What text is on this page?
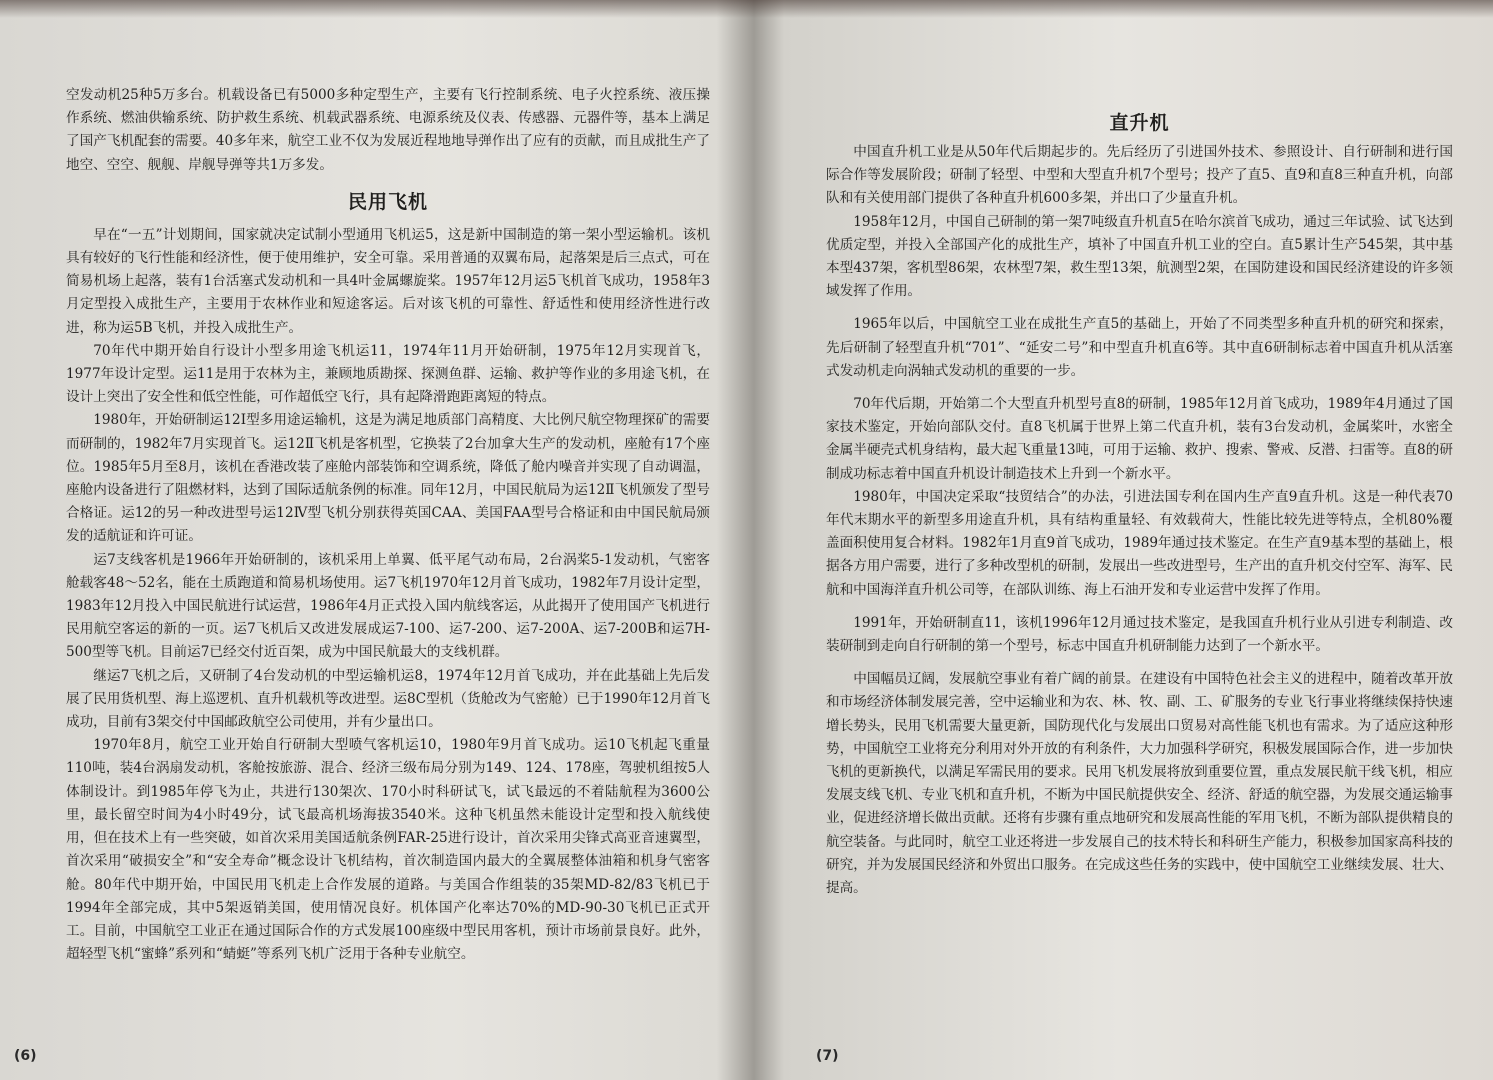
空发动机25种5万多台。机载设备已有5000多种定型生产，主要有飞行控制系统、电子火控系统、液压操作系统、燃油供输系统、防护救生系统、机载武器系统、电源系统及仪表、传感器、元器件等，基本上满足了国产飞机配套的需要。40多年来，航空工业不仅为发展近程地地导弹作出了应有的贡献，而且成批生产了地空、空空、舰舰、岸舰导弹等共1万多发。

民用飞机

早在“一五”计划期间，国家就决定试制小型通用飞机运5，这是新中国制造的第一架小型运输机。该机具有较好的飞行性能和经济性，便于使用维护，安全可靠。采用普通的双翼布局，起落架是后三点式，可在简易机场上起落，装有1台活塞式发动机和一具4叶金属螺旋桨。1957年12月运5飞机首飞成功，1958年3月定型投入成批生产，主要用于农林作业和短途客运。后对该飞机的可靠性、舒适性和使用经济性进行改进，称为运5B飞机，并投入成批生产。

70年代中期开始自行设计小型多用途飞机运11，1974年11月开始研制，1975年12月实现首飞，1977年设计定型。运11是用于农林为主，兼顾地质勘探、探测鱼群、运输、救护等作业的多用途飞机，在设计上突出了安全性和低空性能，可作超低空飞行，具有起降滑跑距离短的特点。

1980年，开始研制运12Ⅰ型多用途运输机，这是为满足地质部门高精度、大比例尺航空物理探矿的需要而研制的，1982年7月实现首飞。运12Ⅱ飞机是客机型，它换装了2台加拿大生产的发动机，座舱有17个座位。1985年5月至8月，该机在香港改装了座舱内部装饰和空调系统，降低了舱内噪音并实现了自动调温，座舱内设备进行了阻燃材料，达到了国际适航条例的标准。同年12月，中国民航局为运12Ⅱ飞机颁发了型号合格证。运12的另一种改进型号运12Ⅳ型飞机分别获得英国CAA、美国FAA型号合格证和由中国民航局颁发的适航证和许可证。

运7支线客机是1966年开始研制的，该机采用上单翼、低平尾气动布局，2台涡桨5-1发动机，气密客舱载客48～52名，能在土质跑道和简易机场使用。运7飞机1970年12月首飞成功，1982年7月设计定型，1983年12月投入中国民航进行试运营，1986年4月正式投入国内航线客运，从此揭开了使用国产飞机进行民用航空客运的新的一页。运7飞机后又改进发展成运7-100、运7-200、运7-200A、运7-200B和运7H-500型等飞机。目前运7已经交付近百架，成为中国民航最大的支线机群。

继运7飞机之后，又研制了4台发动机的中型运输机运8，1974年12月首飞成功，并在此基础上先后发展了民用货机型、海上巡逻机、直升机载机等改进型。运8C型机（货舱改为气密舱）已于1990年12月首飞成功，目前有3架交付中国邮政航空公司使用，并有少量出口。

1970年8月，航空工业开始自行研制大型喷气客机运10，1980年9月首飞成功。运10飞机起飞重量110吨，装4台涡扇发动机，客舱按旅游、混合、经济三级布局分别为149、124、178座，驾驶机组按5人体制设计。到1985年停飞为止，共进行130架次、170小时科研试飞，试飞最远的不着陆航程为3600公里，最长留空时间为4小时49分，试飞最高机场海拔3540米。这种飞机虽然未能设计定型和投入航线使用，但在技术上有一些突破，如首次采用美国适航条例FAR-25进行设计，首次采用尖锋式高亚音速翼型，首次采用“破损安全”和“安全寿命”概念设计飞机结构，首次制造国内最大的全翼展整体油箱和机身气密客舱。80年代中期开始，中国民用飞机走上合作发展的道路。与美国合作组装的35架MD-82/83飞机已于1994年全部完成，其中5架返销美国，使用情况良好。机体国产化率达70%的MD-90-30飞机已正式开工。目前，中国航空工业正在通过国际合作的方式发展100座级中型民用客机，预计市场前景良好。此外，超轻型飞机“蜜蜂”系列和“蜻蜓”等系列飞机广泛用于各种专业航空。

(6)
直升机

中国直升机工业是从50年代后期起步的。先后经历了引进国外技术、参照设计、自行研制和进行国际合作等发展阶段；研制了轻型、中型和大型直升机7个型号；投产了直5、直9和直8三种直升机，向部队和有关使用部门提供了各种直升机600多架，并出口了少量直升机。

1958年12月，中国自己研制的第一架7吨级直升机直5在哈尔滨首飞成功，通过三年试验、试飞达到优质定型，并投入全部国产化的成批生产，填补了中国直升机工业的空白。直5累计生产545架，其中基本型437架，客机型86架，农林型7架，救生型13架，航测型2架，在国防建设和国民经济建设的许多领域发挥了作用。

1965年以后，中国航空工业在成批生产直5的基础上，开始了不同类型多种直升机的研究和探索，先后研制了轻型直升机“701”、“延安二号”和中型直升机直6等。其中直6研制标志着中国直升机从活塞式发动机走向涡轴式发动机的重要的一步。

70年代后期，开始第二个大型直升机型号直8的研制，1985年12月首飞成功，1989年4月通过了国家技术鉴定，开始向部队交付。直8飞机属于世界上第二代直升机，装有3台发动机，金属桨叶，水密全金属半硬壳式机身结构，最大起飞重量13吨，可用于运输、救护、搜索、警戒、反潜、扫雷等。直8的研制成功标志着中国直升机设计制造技术上升到一个新水平。

1980年，中国决定采取“技贸结合”的办法，引进法国专利在国内生产直9直升机。这是一种代表70年代末期水平的新型多用途直升机，具有结构重量轻、有效载荷大，性能比较先进等特点，全机80%覆盖面积使用复合材料。1982年1月直9首飞成功，1989年通过技术鉴定。在生产直9基本型的基础上，根据各方用户需要，进行了多种改型机的研制，发展出一些改进型号，生产出的直升机交付空军、海军、民航和中国海洋直升机公司等，在部队训练、海上石油开发和专业运营中发挥了作用。

1991年，开始研制直11，该机1996年12月通过技术鉴定，是我国直升机行业从引进专利制造、改装研制到走向自行研制的第一个型号，标志中国直升机研制能力达到了一个新水平。

中国幅员辽阔，发展航空事业有着广阔的前景。在建设有中国特色社会主义的进程中，随着改革开放和市场经济体制发展完善，空中运输业和为农、林、牧、副、工、矿服务的专业飞行事业将继续保持快速增长势头，民用飞机需要大量更新，国防现代化与发展出口贸易对高性能飞机也有需求。为了适应这种形势，中国航空工业将充分利用对外开放的有利条件，大力加强科学研究，积极发展国际合作，进一步加快飞机的更新换代，以满足军需民用的要求。民用飞机发展将放到重要位置，重点发展民航干线飞机，相应发展支线飞机、专业飞机和直升机，不断为中国民航提供安全、经济、舒适的航空器，为发展交通运输事业，促进经济增长做出贡献。还将有步骤有重点地研究和发展高性能的军用飞机，不断为部队提供精良的航空装备。与此同时，航空工业还将进一步发展自己的技术特长和科研生产能力，积极参加国家高科技的研究，并为发展国民经济和外贸出口服务。在完成这些任务的实践中，使中国航空工业继续发展、壮大、提高。

(7)
